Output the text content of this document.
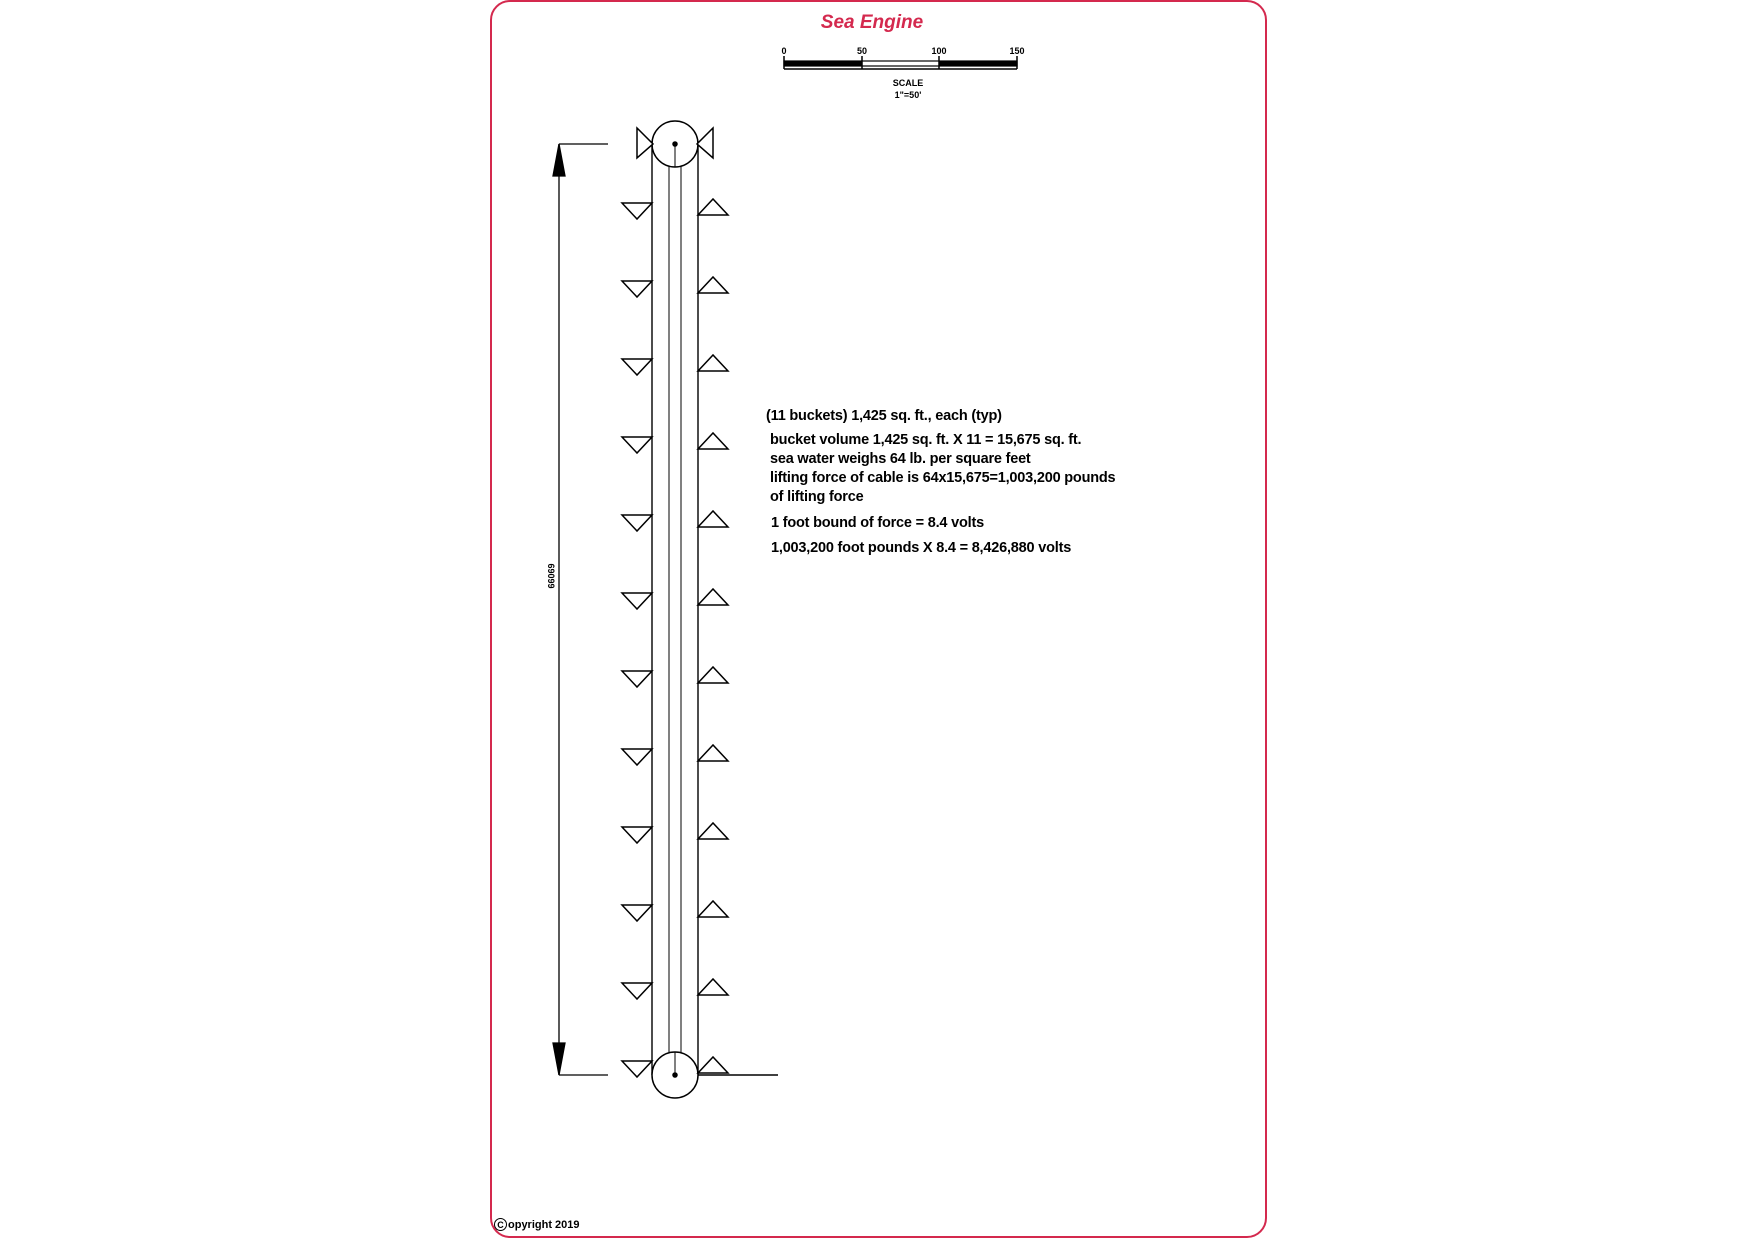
Sea Engine
0	50	100	150
SCALE
1"=50'
69099
(11 buckets) 1,425 sq. ft., each (typ)
bucket volume 1,425 sq. ft. X 11 = 15,675 sq. ft.
sea water weighs 64 lb. per square feet
lifting force of cable is 64x15,675=1,003,200 pounds
of lifting force
1 foot bound of force = 8.4 volts
1,003,200 foot pounds X 8.4 = 8,426,880 volts
C opyright 2019
